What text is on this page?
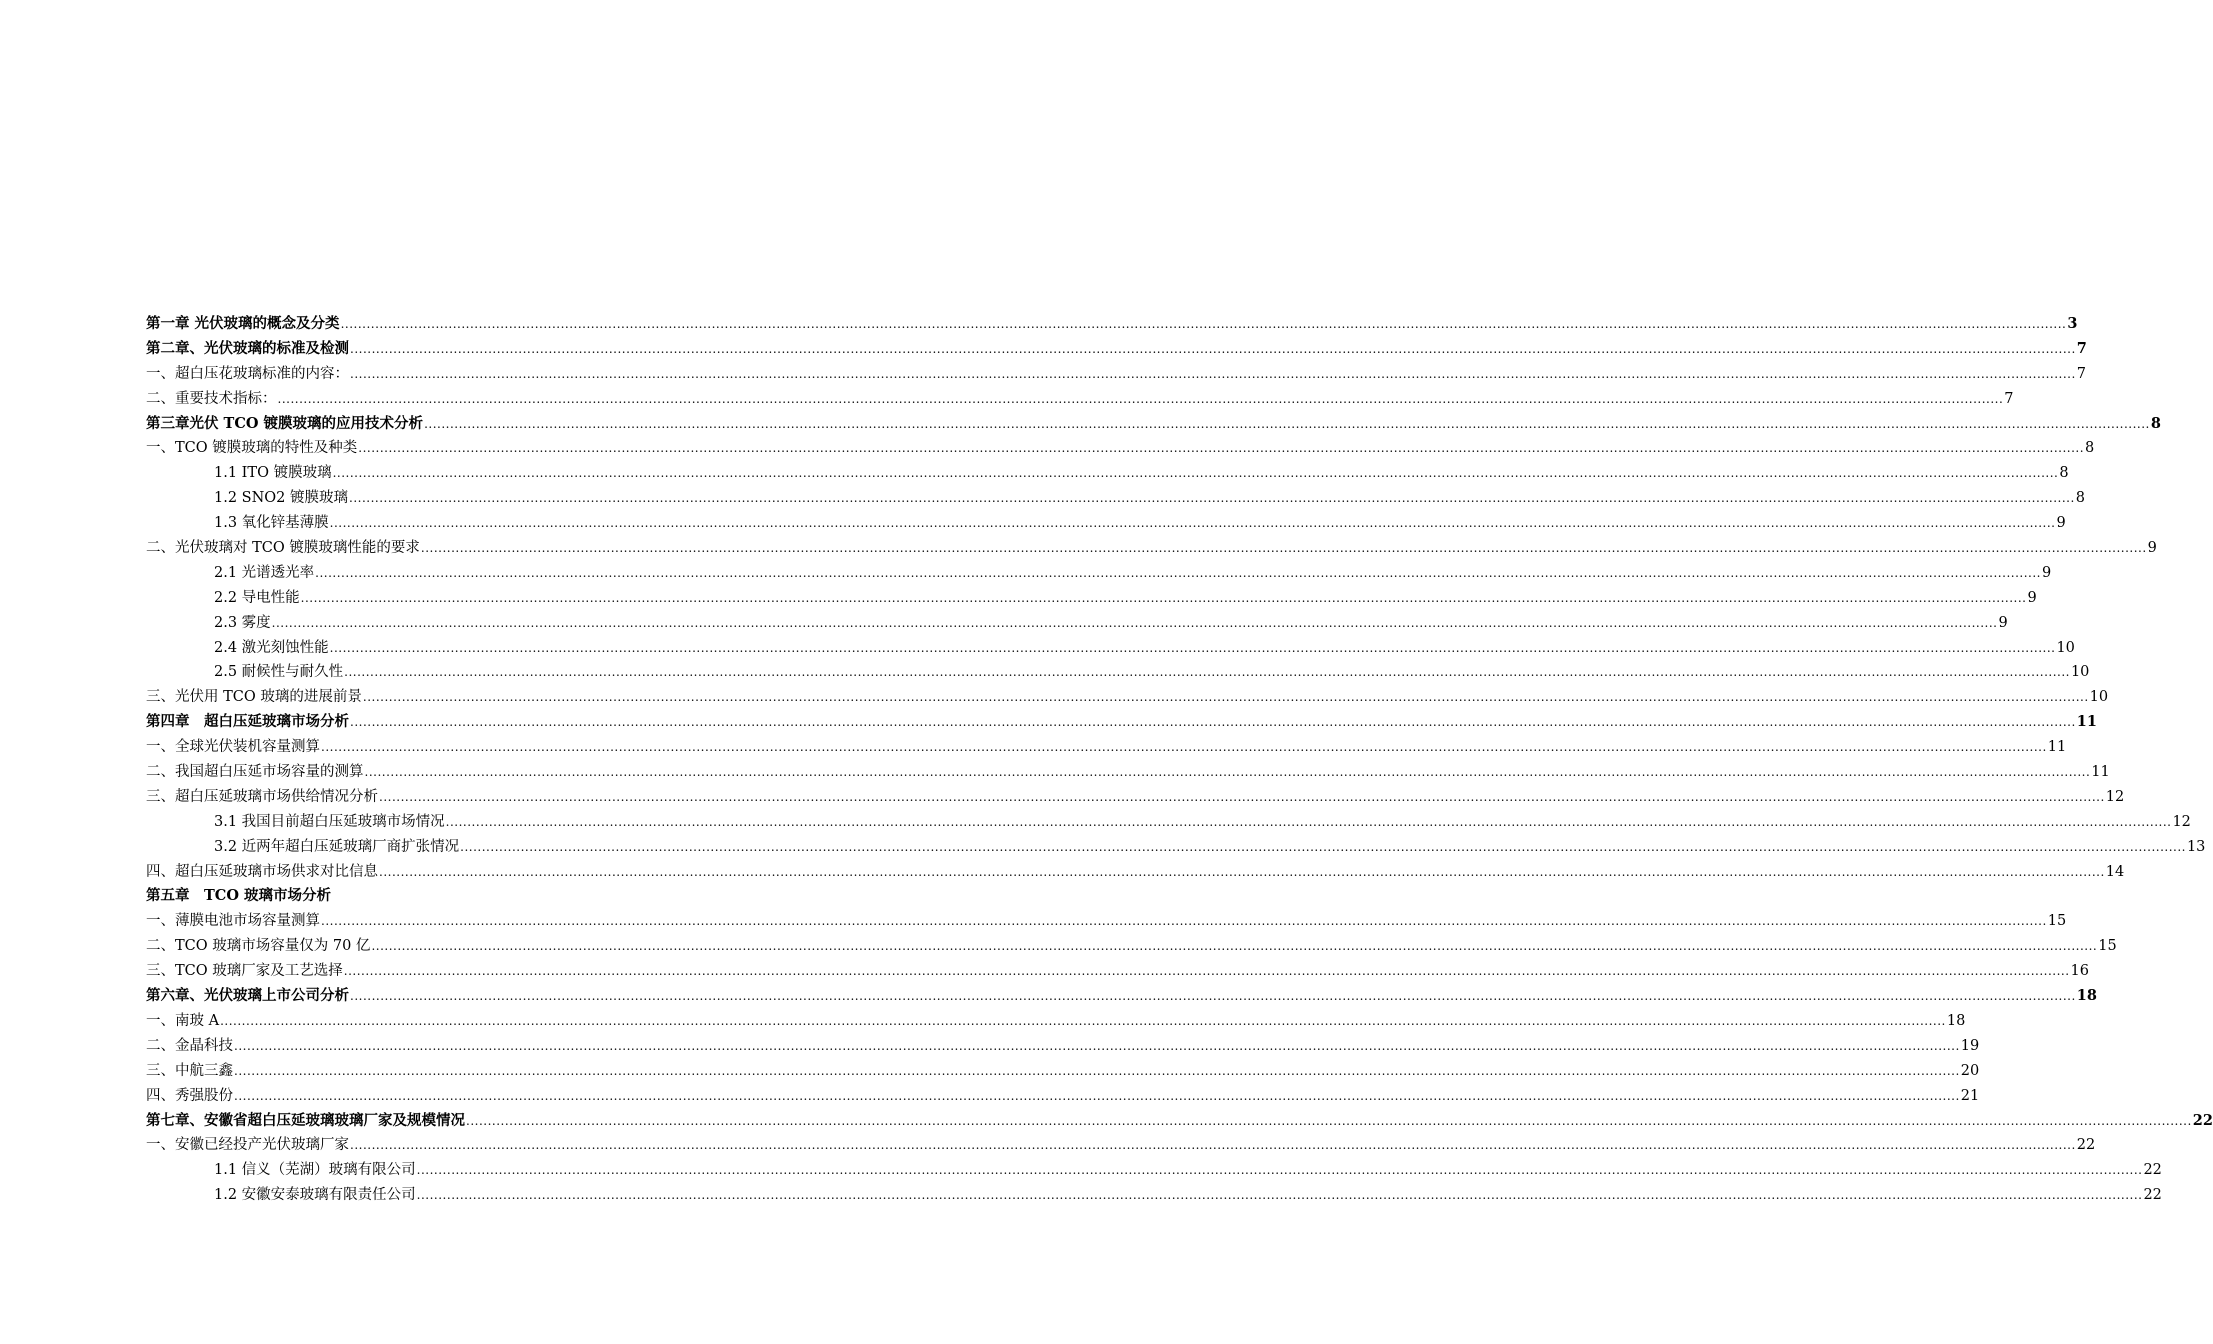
第一章 光伏玻璃的概念及分类 ................................................................................................................................................................................................................................................................................................................................................................................................................ 3
第二章、光伏玻璃的标准及检测 ................................................................................................................................................................................................................................................................................................................................................................................................................ 7
一、超白压花玻璃标准的内容： ................................................................................................................................................................................................................................................................................................................................................................................................................ 7
二、重要技术指标： ................................................................................................................................................................................................................................................................................................................................................................................................................ 7
第三章光伏 TCO 镀膜玻璃的应用技术分析 ................................................................................................................................................................................................................................................................................................................................................................................................................ 8
一、TCO 镀膜玻璃的特性及种类 ................................................................................................................................................................................................................................................................................................................................................................................................................ 8
1.1 ITO 镀膜玻璃 ................................................................................................................................................................................................................................................................................................................................................................................................................ 8
1.2 SNO2 镀膜玻璃 ................................................................................................................................................................................................................................................................................................................................................................................................................ 8
1.3 氧化锌基薄膜 ................................................................................................................................................................................................................................................................................................................................................................................................................ 9
二、光伏玻璃对 TCO 镀膜玻璃性能的要求 ................................................................................................................................................................................................................................................................................................................................................................................................................ 9
2.1 光谱透光率 ................................................................................................................................................................................................................................................................................................................................................................................................................ 9
2.2 导电性能 ................................................................................................................................................................................................................................................................................................................................................................................................................ 9
2.3 雾度 ................................................................................................................................................................................................................................................................................................................................................................................................................ 9
2.4 激光刻蚀性能 ................................................................................................................................................................................................................................................................................................................................................................................................................ 10
2.5 耐候性与耐久性 ................................................................................................................................................................................................................................................................................................................................................................................................................ 10
三、光伏用 TCO 玻璃的进展前景 ................................................................................................................................................................................................................................................................................................................................................................................................................ 10
第四章　超白压延玻璃市场分析 ................................................................................................................................................................................................................................................................................................................................................................................................................ 11
一、全球光伏装机容量测算 ................................................................................................................................................................................................................................................................................................................................................................................................................ 11
二、我国超白压延市场容量的测算 ................................................................................................................................................................................................................................................................................................................................................................................................................ 11
三、超白压延玻璃市场供给情况分析 ................................................................................................................................................................................................................................................................................................................................................................................................................ 12
3.1 我国目前超白压延玻璃市场情况 ................................................................................................................................................................................................................................................................................................................................................................................................................ 12
3.2 近两年超白压延玻璃厂商扩张情况 ................................................................................................................................................................................................................................................................................................................................................................................................................ 13
四、超白压延玻璃市场供求对比信息 ................................................................................................................................................................................................................................................................................................................................................................................................................ 14
第五章　TCO 玻璃市场分析
一、薄膜电池市场容量测算 ................................................................................................................................................................................................................................................................................................................................................................................................................ 15
二、TCO 玻璃市场容量仅为 70 亿 ................................................................................................................................................................................................................................................................................................................................................................................................................ 15
三、TCO 玻璃厂家及工艺选择 ................................................................................................................................................................................................................................................................................................................................................................................................................ 16
第六章、光伏玻璃上市公司分析 ................................................................................................................................................................................................................................................................................................................................................................................................................ 18
一、南玻 A ................................................................................................................................................................................................................................................................................................................................................................................................................ 18
二、金晶科技 ................................................................................................................................................................................................................................................................................................................................................................................................................ 19
三、中航三鑫 ................................................................................................................................................................................................................................................................................................................................................................................................................ 20
四、秀强股份 ................................................................................................................................................................................................................................................................................................................................................................................................................ 21
第七章、安徽省超白压延玻璃玻璃厂家及规模情况 ................................................................................................................................................................................................................................................................................................................................................................................................................ 22
一、安徽已经投产光伏玻璃厂家 ................................................................................................................................................................................................................................................................................................................................................................................................................ 22
1.1 信义（芜湖）玻璃有限公司 ................................................................................................................................................................................................................................................................................................................................................................................................................ 22
1.2 安徽安泰玻璃有限责任公司 ................................................................................................................................................................................................................................................................................................................................................................................................................ 22
